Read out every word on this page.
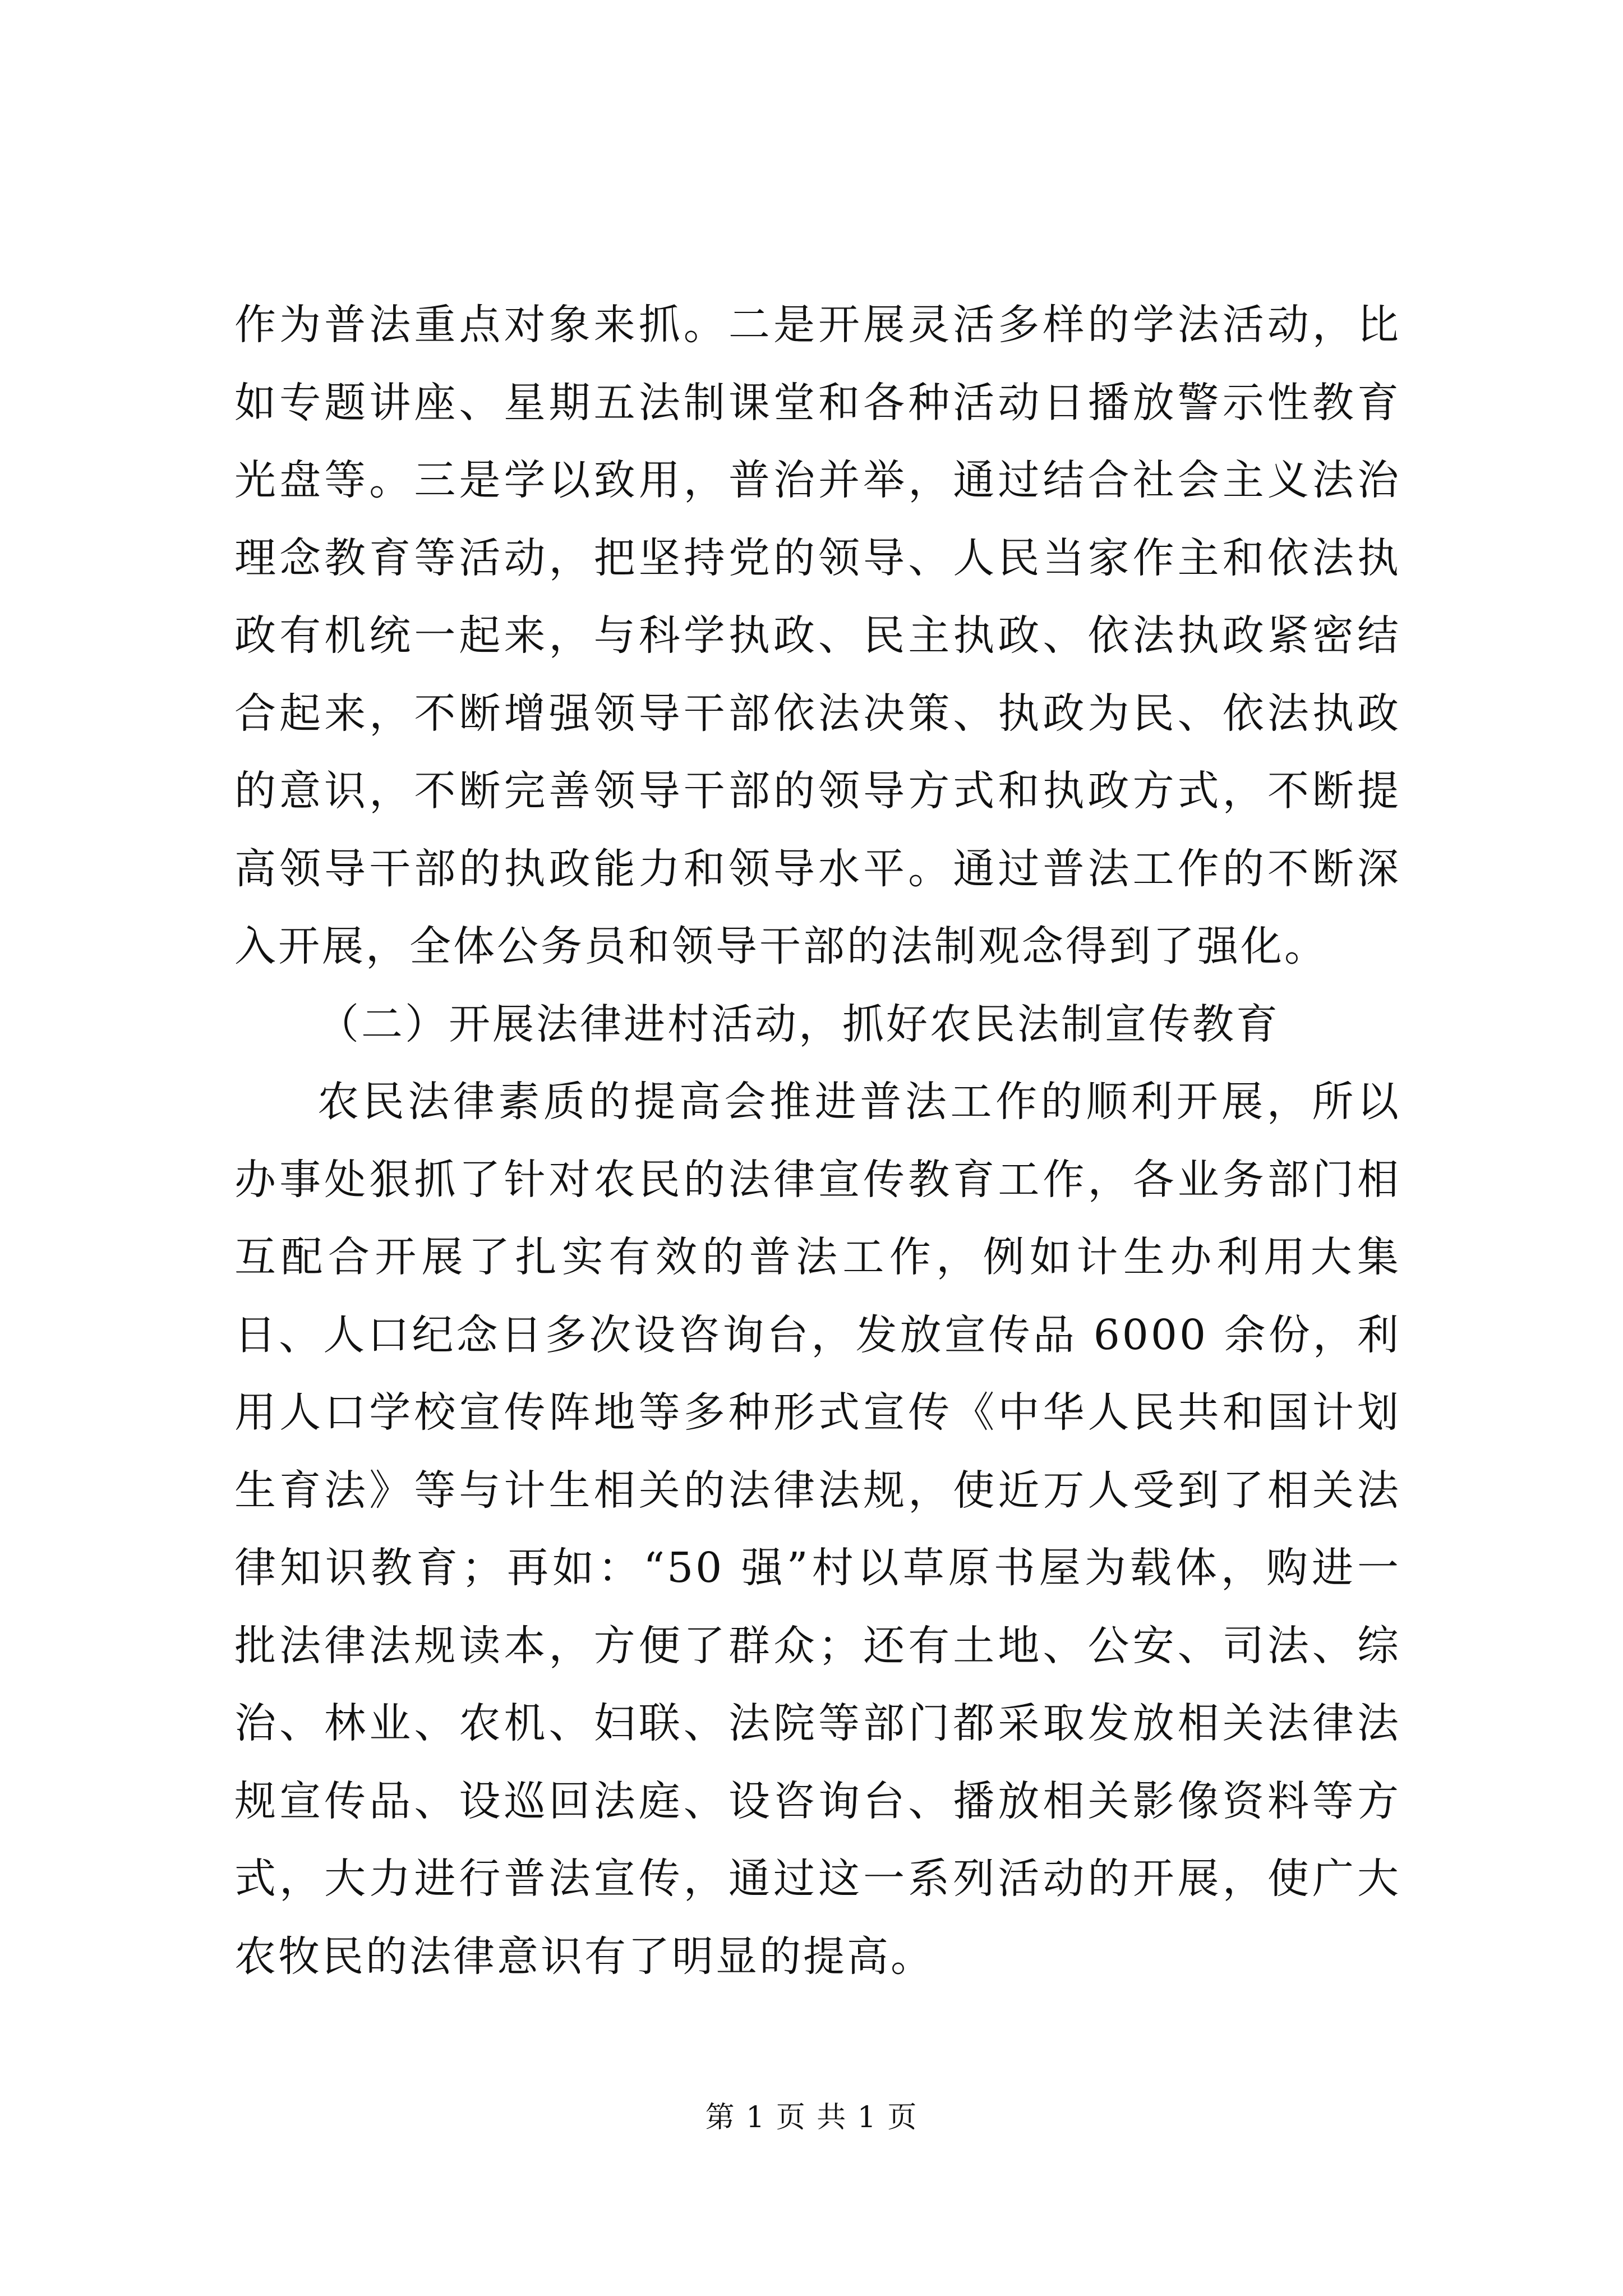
作为普法重点对象来抓。二是开展灵活多样的学法活动，比如专题讲座、星期五法制课堂和各种活动日播放警示性教育光盘等。三是学以致用，普治并举，通过结合社会主义法治理念教育等活动，把坚持党的领导、人民当家作主和依法执政有机统一起来，与科学执政、民主执政、依法执政紧密结合起来，不断增强领导干部依法决策、执政为民、依法执政的意识，不断完善领导干部的领导方式和执政方式，不断提高领导干部的执政能力和领导水平。通过普法工作的不断深入开展，全体公务员和领导干部的法制观念得到了强化。

（二）开展法律进村活动，抓好农民法制宣传教育

农民法律素质的提高会推进普法工作的顺利开展，所以办事处狠抓了针对农民的法律宣传教育工作，各业务部门相互配合开展了扎实有效的普法工作，例如计生办利用大集日、人口纪念日多次设咨询台，发放宣传品 6000 余份，利用人口学校宣传阵地等多种形式宣传《中华人民共和国计划生育法》等与计生相关的法律法规，使近万人受到了相关法律知识教育；再如：“50 强”村以草原书屋为载体，购进一批法律法规读本，方便了群众；还有土地、公安、司法、综治、林业、农机、妇联、法院等部门都采取发放相关法律法规宣传品、设巡回法庭、设咨询台、播放相关影像资料等方式，大力进行普法宣传，通过这一系列活动的开展，使广大农牧民的法律意识有了明显的提高。

第 1 页 共 1 页
